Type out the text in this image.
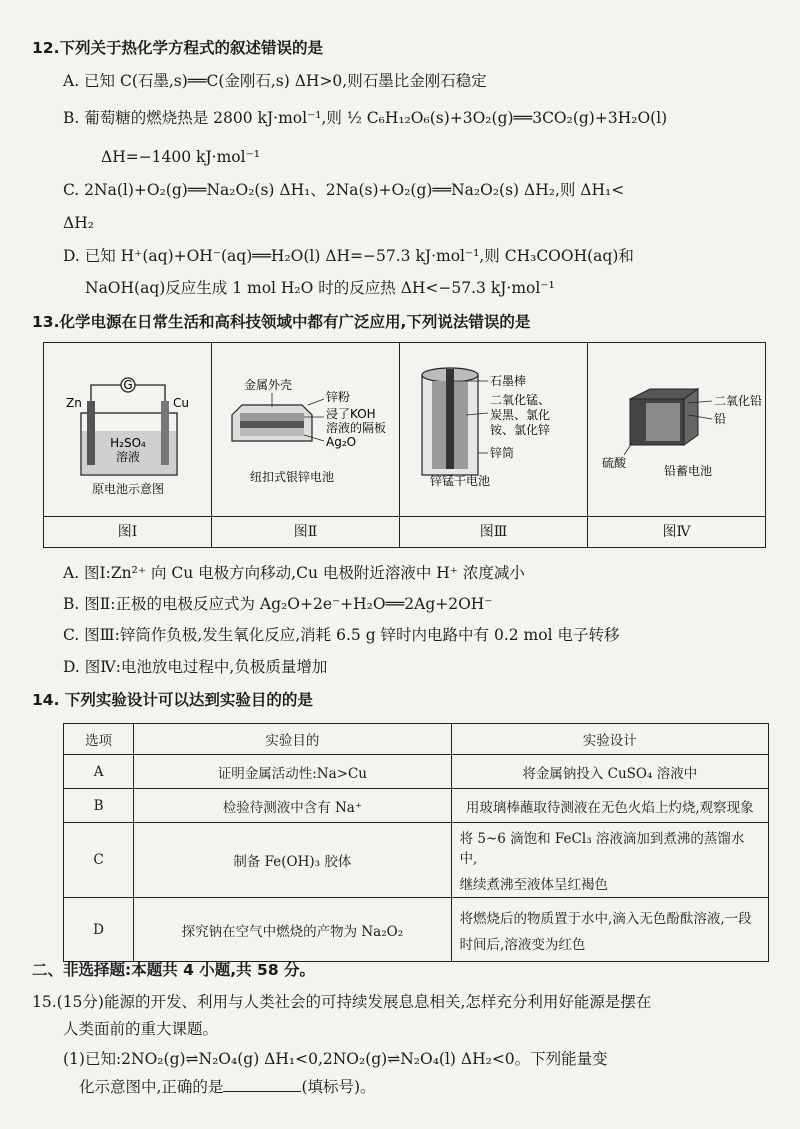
12.下列关于热化学方程式的叙述错误的是
A. 已知 C(石墨,s)══C(金刚石,s) ΔH>0,则石墨比金刚石稳定
B. 葡萄糖的燃烧热是 2800 kJ·mol⁻¹,则 ½ C₆H₁₂O₆(s)+3O₂(g)══3CO₂(g)+3H₂O(l)
ΔH=−1400 kJ·mol⁻¹
C. 2Na(l)+O₂(g)══Na₂O₂(s) ΔH₁、2Na(s)+O₂(g)══Na₂O₂(s) ΔH₂,则 ΔH₁<
ΔH₂
D. 已知 H⁺(aq)+OH⁻(aq)══H₂O(l) ΔH=−57.3 kJ·mol⁻¹,则 CH₃COOH(aq)和
NaOH(aq)反应生成 1 mol H₂O 时的反应热 ΔH<−57.3 kJ·mol⁻¹
13.化学电源在日常生活和高科技领域中都有广泛应用,下列说法错误的是
G
Zn	Cu
H₂SO₄
溶液
原电池示意图
图Ⅰ
金属外壳
锌粉
浸了KOH
溶液的隔板
Ag₂O
纽扣式银锌电池
图Ⅱ
石墨棒
二氧化锰、
炭黑、氯化
铵、氯化锌
锌筒
锌锰干电池
图Ⅲ
二氧化铅
铅
硫酸
铅蓄电池
图Ⅳ
A. 图Ⅰ:Zn²⁺ 向 Cu 电极方向移动,Cu 电极附近溶液中 H⁺ 浓度减小
B. 图Ⅱ:正极的电极反应式为 Ag₂O+2e⁻+H₂O══2Ag+2OH⁻
C. 图Ⅲ:锌筒作负极,发生氧化反应,消耗 6.5 g 锌时内电路中有 0.2 mol 电子转移
D. 图Ⅳ:电池放电过程中,负极质量增加
14. 下列实验设计可以达到实验目的的是
选项	实验目的	实验设计
A	证明金属活动性:Na>Cu	将金属钠投入 CuSO₄ 溶液中
B	检验待测液中含有 Na⁺	用玻璃棒蘸取待测液在无色火焰上灼烧,观察现象
C	制备 Fe(OH)₃ 胶体	将 5~6 滴饱和 FeCl₃ 溶液滴加到煮沸的蒸馏水中,
继续煮沸至液体呈红褐色

D	探究钠在空气中燃烧的产物为 Na₂O₂	将燃烧后的物质置于水中,滴入无色酚酞溶液,一段
时间后,溶液变为红色
二、非选择题:本题共 4 小题,共 58 分。
15.(15分)能源的开发、利用与人类社会的可持续发展息息相关,怎样充分利用好能源是摆在
人类面前的重大课题。
(1)已知:2NO₂(g)⇌N₂O₄(g) ΔH₁<0,2NO₂(g)⇌N₂O₄(l) ΔH₂<0。下列能量变
化示意图中,正确的是	(填标号)。
